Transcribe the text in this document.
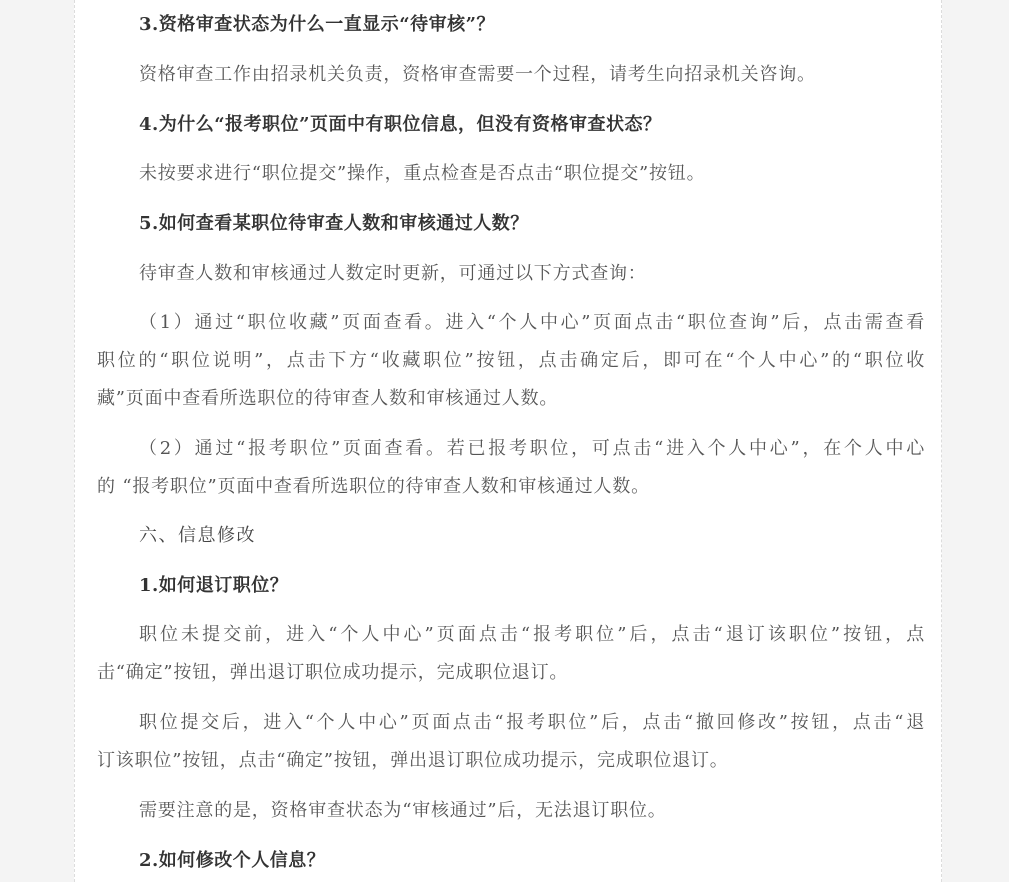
3.资格审查状态为什么一直显示“待审核”？
资格审查工作由招录机关负责，资格审查需要一个过程，请考生向招录机关咨询。
4.为什么“报考职位”页面中有职位信息，但没有资格审查状态？
未按要求进行“职位提交”操作，重点检查是否点击“职位提交”按钮。
5.如何查看某职位待审查人数和审核通过人数？
待审查人数和审核通过人数定时更新，可通过以下方式查询：
（1）通过“职位收藏”页面查看。进入“个人中心”页面点击“职位查询”后，点击需查看
职位的“职位说明”，点击下方“收藏职位”按钮，点击确定后，即可在“个人中心”的“职位收
藏”页面中查看所选职位的待审查人数和审核通过人数。
（2）通过“报考职位”页面查看。若已报考职位，可点击“进入个人中心”，在个人中心
的 “报考职位”页面中查看所选职位的待审查人数和审核通过人数。
六、信息修改
1.如何退订职位？
职位未提交前，进入“个人中心”页面点击“报考职位”后，点击“退订该职位”按钮，点
击“确定”按钮，弹出退订职位成功提示，完成职位退订。
职位提交后，进入“个人中心”页面点击“报考职位”后，点击“撤回修改”按钮，点击“退
订该职位”按钮，点击“确定”按钮，弹出退订职位成功提示，完成职位退订。
需要注意的是，资格审查状态为“审核通过”后，无法退订职位。
2.如何修改个人信息？
